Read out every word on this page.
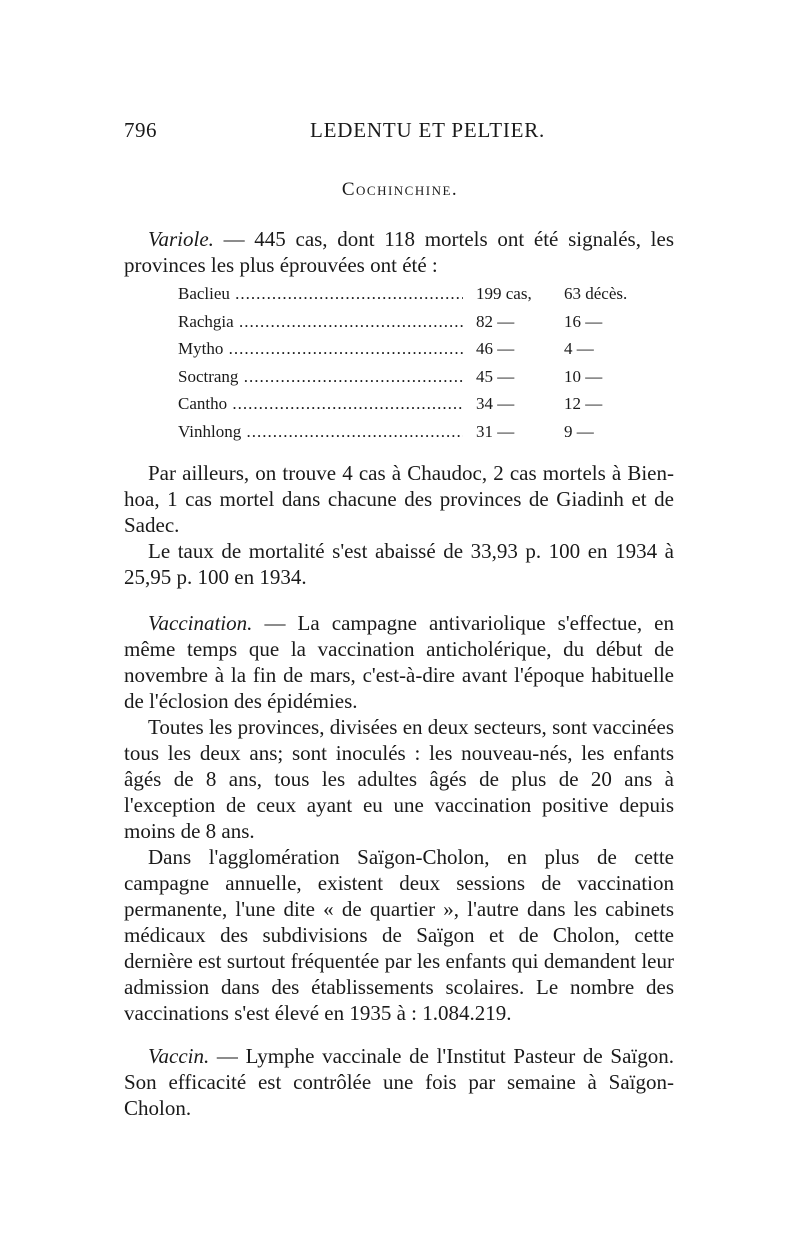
796	LEDENTU ET PELTIER.
Cochinchine.

Variole. — 445 cas, dont 118 mortels ont été signalés, les provinces les plus éprouvées ont été :

Baclieu .....	199 cas,	63 décès.
Rachgia .....	82 —	16 —
Mytho .....	46 —	4 —
Soctrang .....	45 —	10 —
Cantho .....	34 —	12 —
Vinhlong .....	31 —	9 —

Par ailleurs, on trouve 4 cas à Chaudoc, 2 cas mortels à Bien-hoa, 1 cas mortel dans chacune des provinces de Giadinh et de Sadec.

Le taux de mortalité s'est abaissé de 33,93 p. 100 en 1934 à 25,95 p. 100 en 1934.

Vaccination. — La campagne antivariolique s'effectue, en même temps que la vaccination anticholérique, du début de novembre à la fin de mars, c'est-à-dire avant l'époque habituelle de l'éclosion des épidémies.

Toutes les provinces, divisées en deux secteurs, sont vaccinées tous les deux ans; sont inoculés : les nouveau-nés, les enfants âgés de 8 ans, tous les adultes âgés de plus de 20 ans à l'exception de ceux ayant eu une vaccination positive depuis moins de 8 ans.

Dans l'agglomération Saïgon-Cholon, en plus de cette campagne annuelle, existent deux sessions de vaccination permanente, l'une dite « de quartier », l'autre dans les cabinets médicaux des subdivisions de Saïgon et de Cholon, cette dernière est surtout fréquentée par les enfants qui demandent leur admission dans des établissements scolaires. Le nombre des vaccinations s'est élevé en 1935 à : 1.084.219.

Vaccin. — Lymphe vaccinale de l'Institut Pasteur de Saïgon. Son efficacité est contrôlée une fois par semaine à Saïgon-Cholon.
